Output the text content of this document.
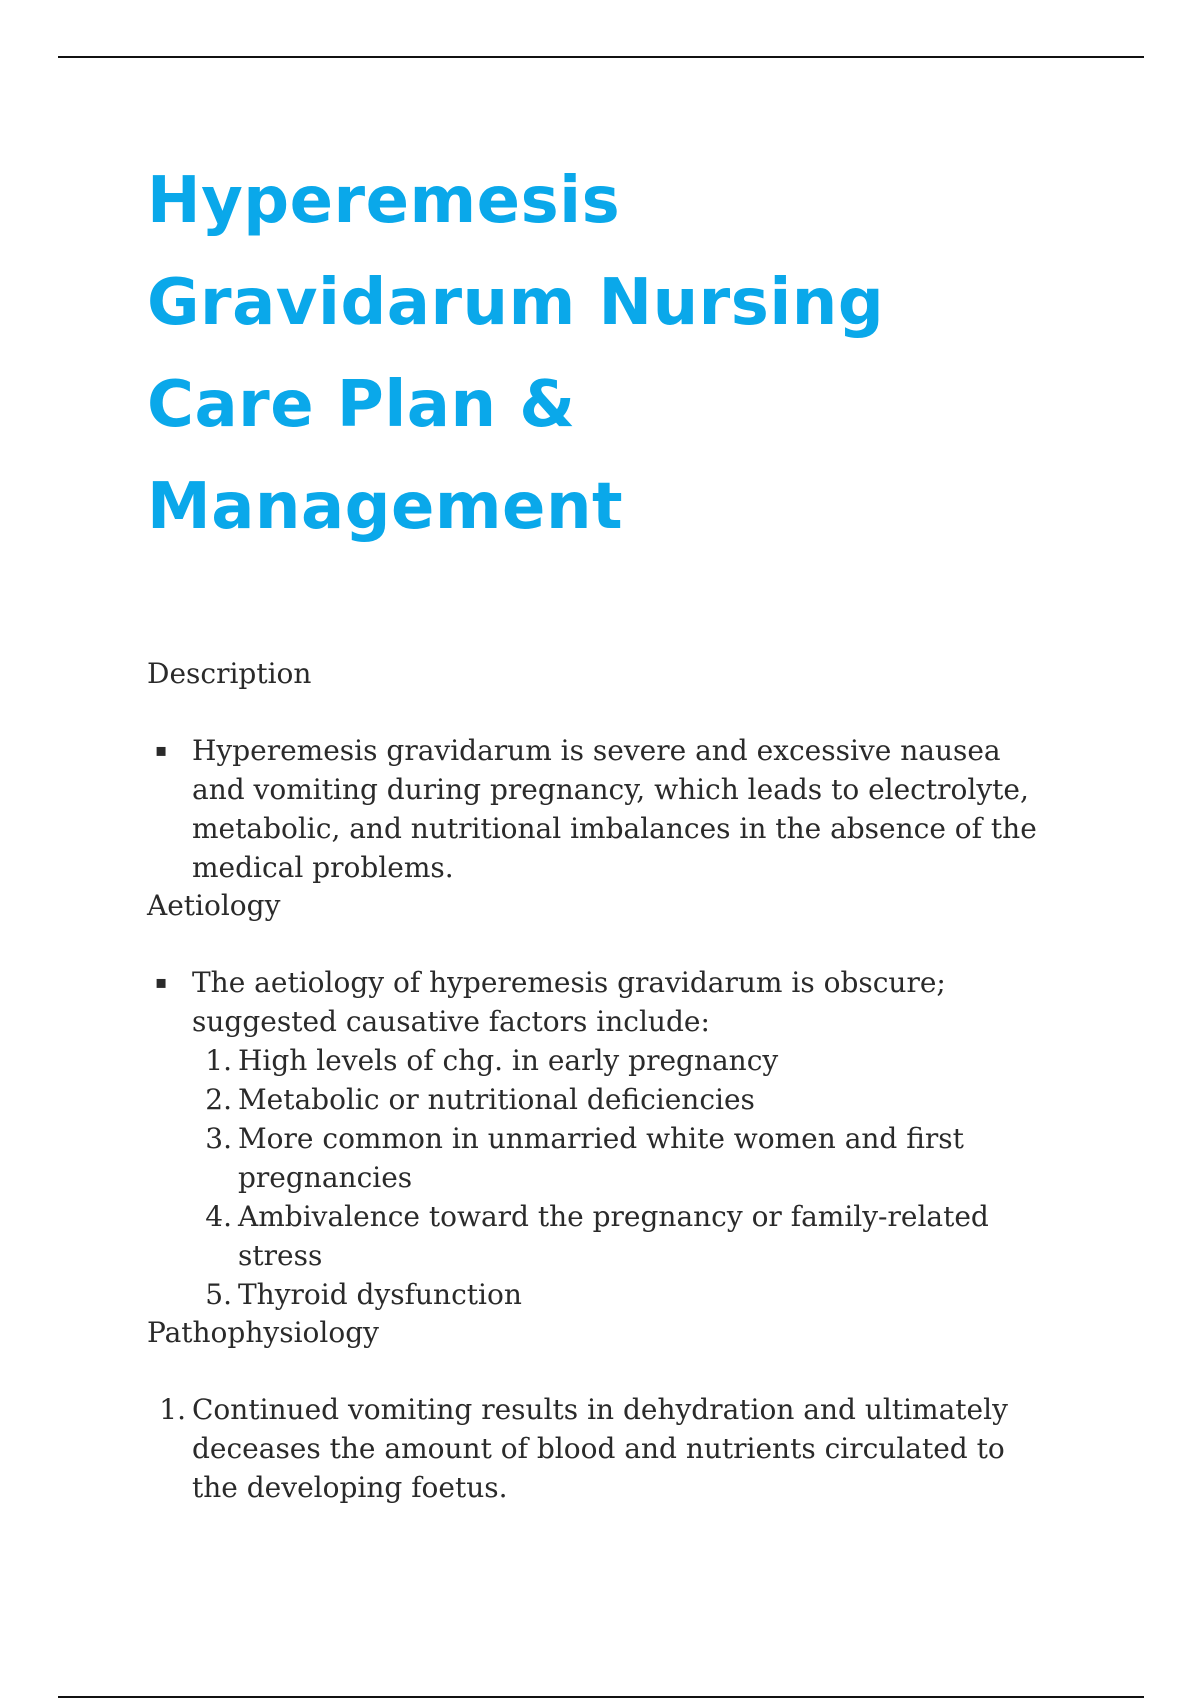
Hyperemesis
Gravidarum Nursing
Care Plan &
Management
Description
▪ Hyperemesis gravidarum is severe and excessive nausea and vomiting during pregnancy, which leads to electrolyte, metabolic, and nutritional imbalances in the absence of the medical problems.
Aetiology
▪ The aetiology of hyperemesis gravidarum is obscure; suggested causative factors include:
1. High levels of chg. in early pregnancy
2. Metabolic or nutritional deficiencies
3. More common in unmarried white women and first pregnancies
4. Ambivalence toward the pregnancy or family-related stress
5. Thyroid dysfunction
Pathophysiology
1. Continued vomiting results in dehydration and ultimately deceases the amount of blood and nutrients circulated to the developing foetus.
